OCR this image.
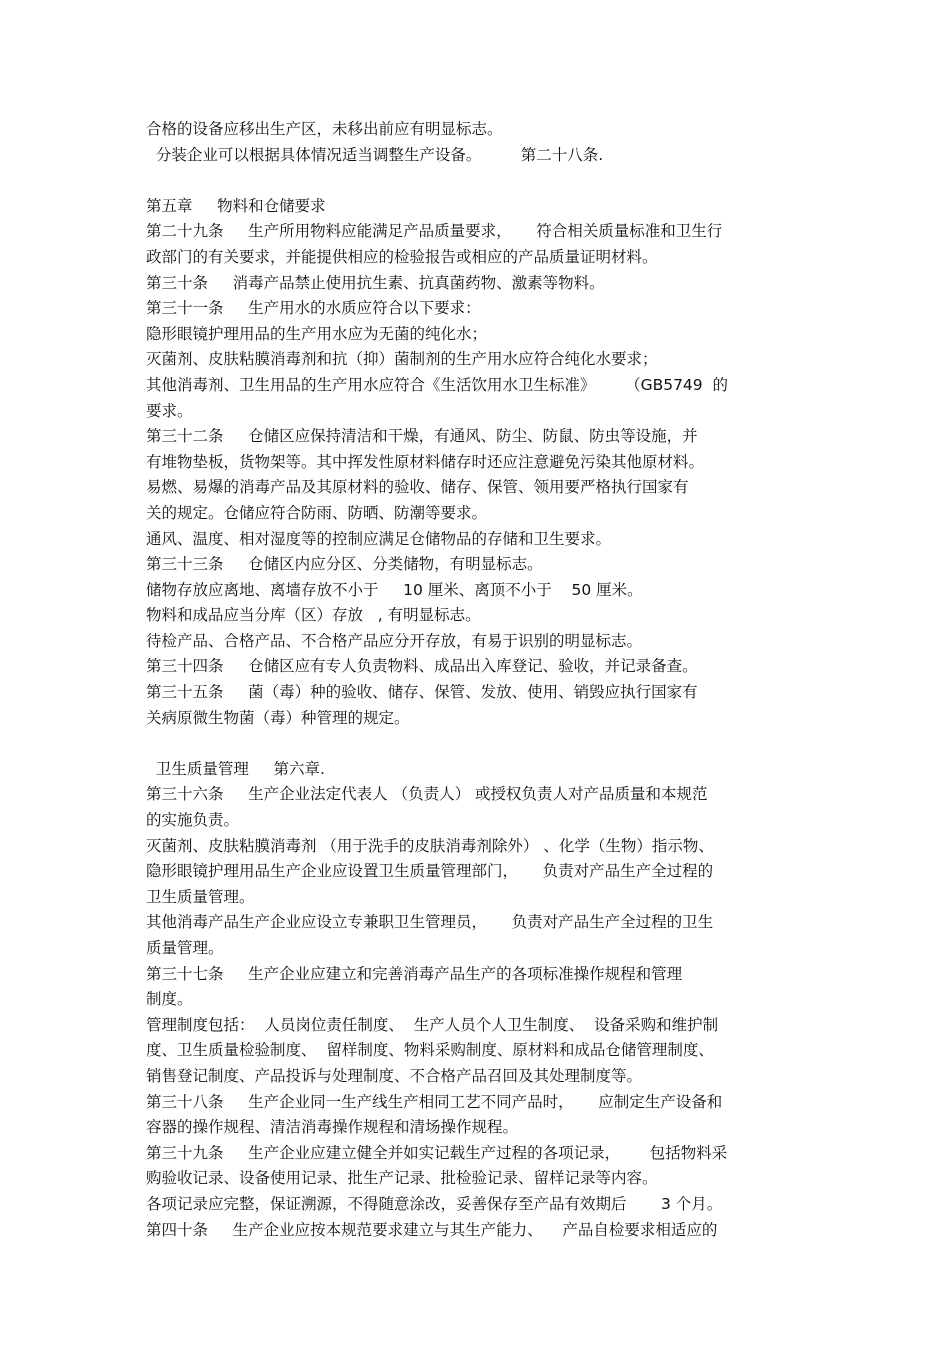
合格的设备应移出生产区，未移出前应有明显标志。
分装企业可以根据具体情况适当调整生产设备。        第二十八条.
第五章     物料和仓储要求
第二十九条     生产所用物料应能满足产品质量要求，     符合相关质量标准和卫生行
政部门的有关要求，并能提供相应的检验报告或相应的产品质量证明材料。
第三十条     消毒产品禁止使用抗生素、抗真菌药物、激素等物料。
第三十一条     生产用水的水质应符合以下要求：
隐形眼镜护理用品的生产用水应为无菌的纯化水；
灭菌剂、皮肤粘膜消毒剂和抗（抑）菌制剂的生产用水应符合纯化水要求；
其他消毒剂、卫生用品的生产用水应符合《生活饮用水卫生标准》      （GB5749  的
要求。
第三十二条     仓储区应保持清洁和干燥，有通风、防尘、防鼠、防虫等设施，并
有堆物垫板，货物架等。其中挥发性原材料储存时还应注意避免污染其他原材料。
易燃、易爆的消毒产品及其原材料的验收、储存、保管、领用要严格执行国家有
关的规定。仓储应符合防雨、防晒、防潮等要求。
通风、温度、相对湿度等的控制应满足仓储物品的存储和卫生要求。
第三十三条     仓储区内应分区、分类储物，有明显标志。
储物存放应离地、离墙存放不小于     10 厘米、离顶不小于    50 厘米。
物料和成品应当分库（区）存放   , 有明显标志。
待检产品、合格产品、不合格产品应分开存放，有易于识别的明显标志。
第三十四条     仓储区应有专人负责物料、成品出入库登记、验收，并记录备查。
第三十五条     菌（毒）种的验收、储存、保管、发放、使用、销毁应执行国家有
关病原微生物菌（毒）种管理的规定。
卫生质量管理     第六章.
第三十六条     生产企业法定代表人 （负责人） 或授权负责人对产品质量和本规范
的实施负责。
灭菌剂、皮肤粘膜消毒剂 （用于洗手的皮肤消毒剂除外） 、化学（生物）指示物、
隐形眼镜护理用品生产企业应设置卫生质量管理部门，     负责对产品生产全过程的
卫生质量管理。
其他消毒产品生产企业应设立专兼职卫生管理员，     负责对产品生产全过程的卫生
质量管理。
第三十七条     生产企业应建立和完善消毒产品生产的各项标准操作规程和管理
制度。
管理制度包括：  人员岗位责任制度、  生产人员个人卫生制度、  设备采购和维护制
度、卫生质量检验制度、  留样制度、物料采购制度、原材料和成品仓储管理制度、
销售登记制度、产品投诉与处理制度、不合格产品召回及其处理制度等。
第三十八条     生产企业同一生产线生产相同工艺不同产品时，     应制定生产设备和
容器的操作规程、清洁消毒操作规程和清场操作规程。
第三十九条     生产企业应建立健全并如实记载生产过程的各项记录，      包括物料采
购验收记录、设备使用记录、批生产记录、批检验记录、留样记录等内容。
各项记录应完整，保证溯源，不得随意涂改，妥善保存至产品有效期后       3 个月。
第四十条     生产企业应按本规范要求建立与其生产能力、    产品自检要求相适应的
